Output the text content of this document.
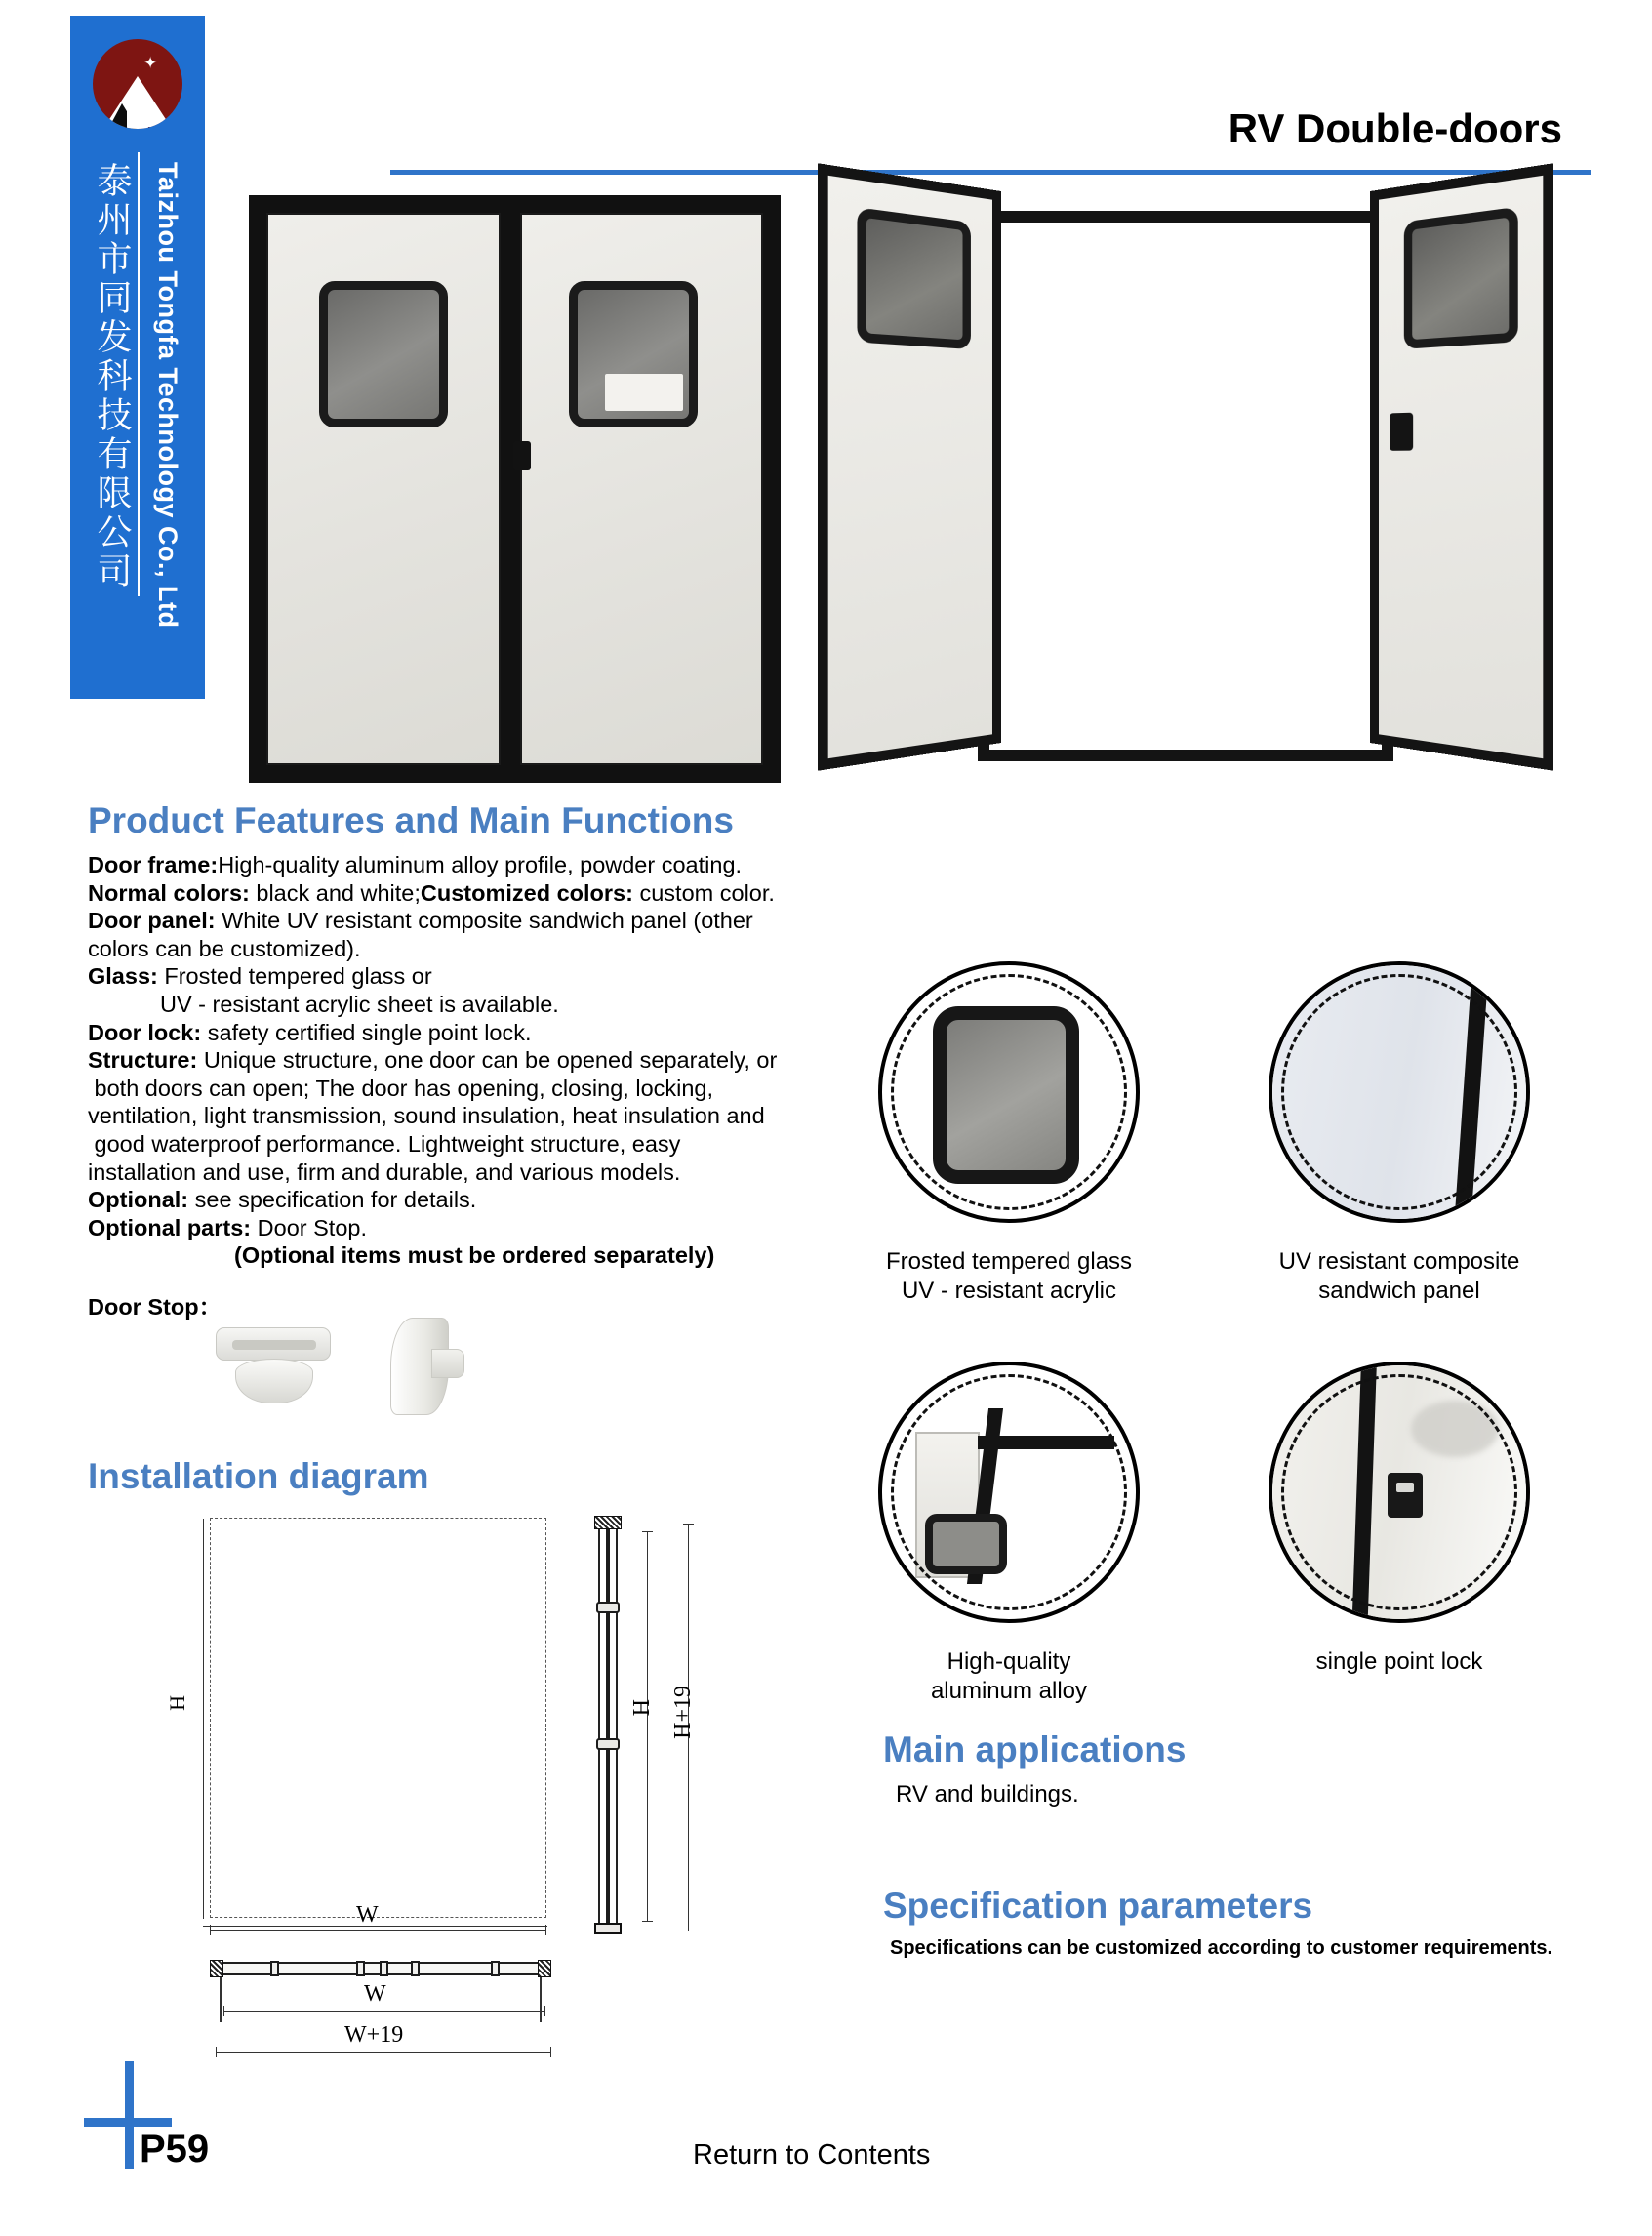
✦
泰州市同发科技有限公司 Taizhou Tongfa Technology Co., Ltd
RV Double-doors
Product Features and Main Functions

Door frame:High-quality aluminum alloy profile, powder coating.

Normal colors: black and white;Customized colors: custom color.

Door panel: White UV resistant composite sandwich panel (other

colors can be customized).

Glass: Frosted tempered glass or

UV - resistant acrylic sheet is available.

Door lock: safety certified single point lock.

Structure: Unique structure, one door can be opened separately, or

both doors can open; The door has opening, closing, locking,

ventilation, light transmission, sound insulation, heat insulation and

good waterproof performance. Lightweight structure, easy

installation and use, firm and durable, and various models.

Optional: see specification for details.

Optional parts: Door Stop.

(Optional items must be ordered separately)

Door Stop：
Frosted tempered glass
UV - resistant acrylic
UV resistant composite
sandwich panel
High-quality
aluminum alloy
single point lock
Installation diagram
H
W
H H+19
W
W+19
Main applications
RV and buildings.
Specification parameters
Specifications can be customized according to customer requirements.
P59	Return to Contents
